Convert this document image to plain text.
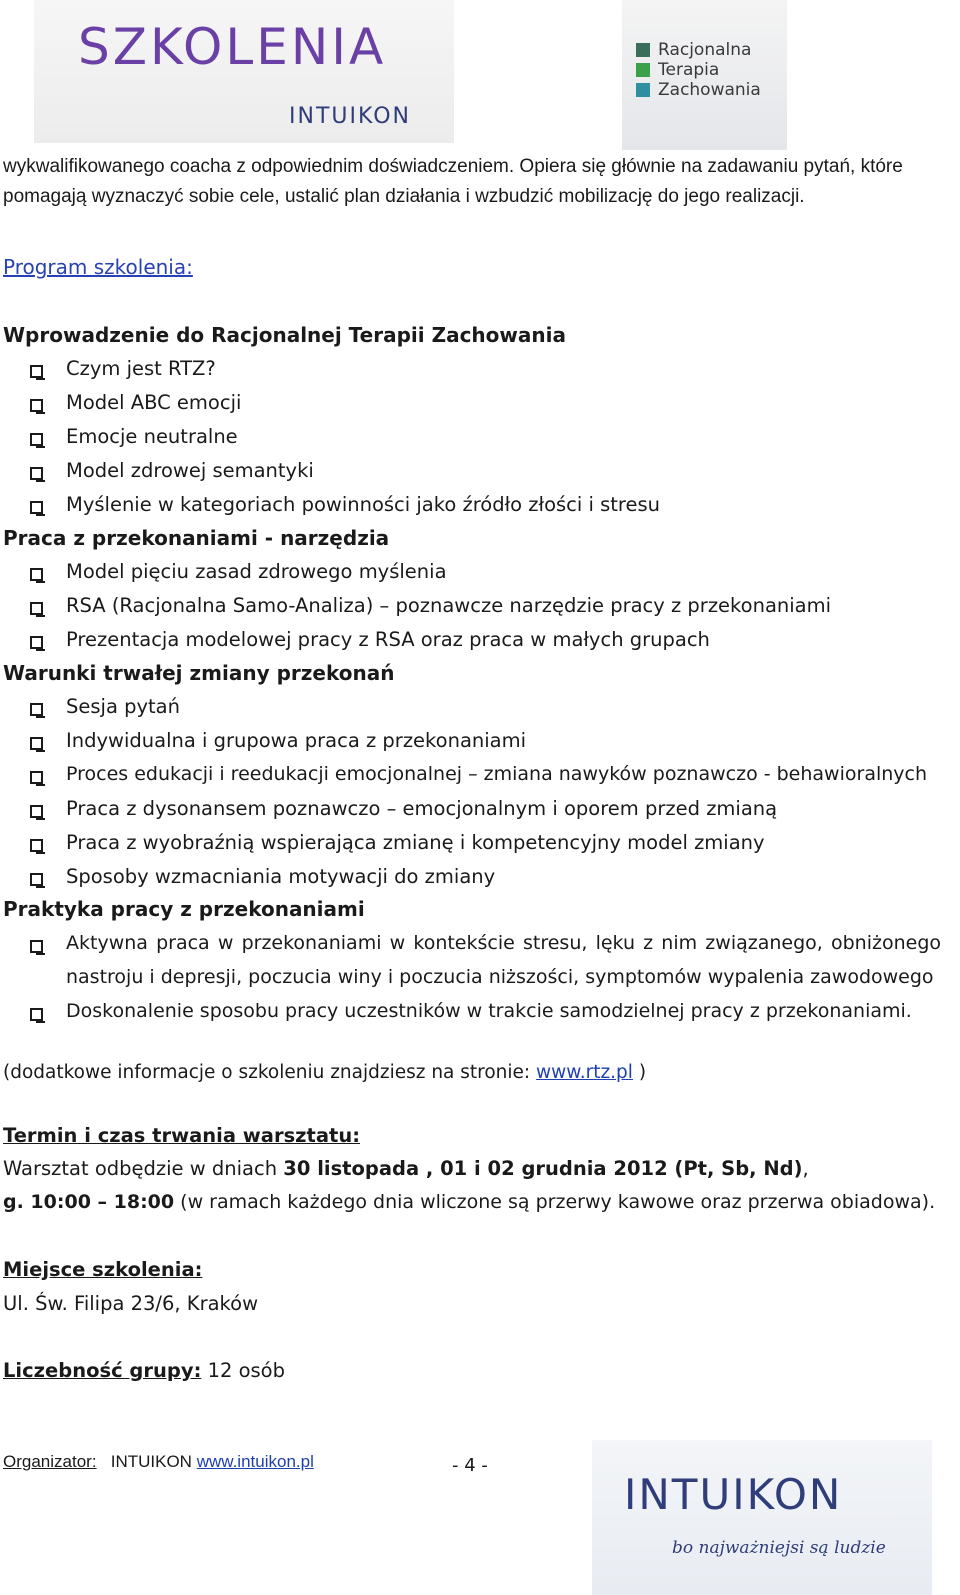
SZKOLENIA
INTUIKON
Racjonalna
Terapia
Zachowania
wykwalifikowanego coacha z odpowiednim doświadczeniem. Opiera się głównie na zadawaniu pytań, które
pomagają wyznaczyć sobie cele, ustalić plan działania i wzbudzić mobilizację do jego realizacji.
Program szkolenia:
Wprowadzenie do Racjonalnej Terapii Zachowania
Czym jest RTZ?
Model ABC emocji
Emocje neutralne
Model zdrowej semantyki
Myślenie w kategoriach powinności jako źródło złości i stresu
Praca z przekonaniami - narzędzia
Model pięciu zasad zdrowego myślenia
RSA (Racjonalna Samo-Analiza) – poznawcze narzędzie pracy z przekonaniami
Prezentacja modelowej pracy z RSA oraz praca w małych grupach
Warunki trwałej zmiany przekonań
Sesja pytań
Indywidualna i grupowa praca z przekonaniami
Proces edukacji i reedukacji emocjonalnej – zmiana nawyków poznawczo - behawioralnych
Praca z dysonansem poznawczo – emocjonalnym i oporem przed zmianą
Praca z wyobraźnią wspierająca zmianę i kompetencyjny model zmiany
Sposoby wzmacniania motywacji do zmiany
Praktyka pracy z przekonaniami
Aktywna praca w przekonaniami w kontekście stresu, lęku z nim związanego, obniżonego
nastroju i depresji, poczucia winy i poczucia niższości, symptomów wypalenia zawodowego
Doskonalenie sposobu pracy uczestników w trakcie samodzielnej pracy z przekonaniami.
(dodatkowe informacje o szkoleniu znajdziesz na stronie: www.rtz.pl )
Termin i czas trwania warsztatu:
Warsztat odbędzie w dniach 30 listopada , 01 i 02 grudnia 2012 (Pt, Sb, Nd),
g. 10:00 – 18:00 (w ramach każdego dnia wliczone są przerwy kawowe oraz przerwa obiadowa).
Miejsce szkolenia:
Ul. Św. Filipa 23/6, Kraków
Liczebność grupy: 12 osób
Organizator: INTUIKON www.intuikon.pl	- 4 -
INTUIKON
bo najważniejsi są ludzie
